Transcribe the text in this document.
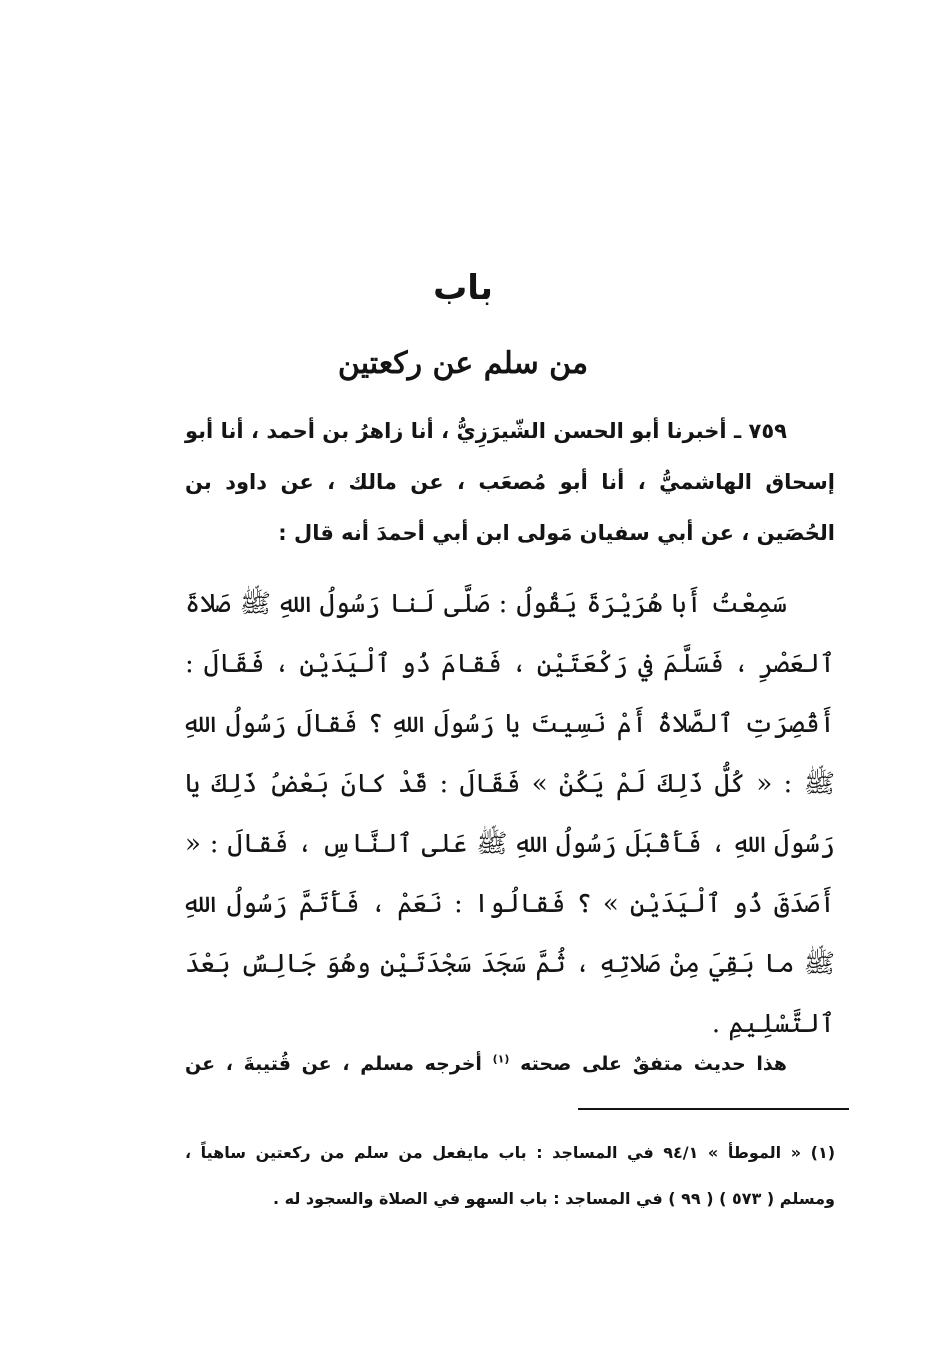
باب
من سلم عن ركعتين

٧٥٩ ـ أخبرنا أبو الحسن الشّيرَزِيُّ ، أنا زاهرُ بن أحمد ، أنا أبو إسحاق الهاشميُّ ، أنا أبو مُصعَب ، عن مالك ، عن داود بن الحُصَين ، عن أبي سفيان مَولى ابن أبي أحمدَ أنه قال :

سَمِعْتُ أَبا هُرَيْرَةَ يَقُولُ : صَلَّى لَنا رَسُولُ اللهِ ﷺ صَلاةَ ٱلعَصْرِ ، فَسَلَّمَ في رَكْعَتَيْنِ ، فَقامَ ذُو ٱلْيَدَيْنِ ، فَقَالَ : أَقُصِرَتِ ٱلصَّلاةُ أَمْ نَسِيتَ يا رَسُولَ اللهِ ؟ فَقالَ رَسُولُ اللهِ ﷺ : « كُلُّ ذَلِكَ لَمْ يَكُنْ » فَقَالَ : قَدْ كانَ بَعْضُ ذَلِكَ يا رَسُولَ اللهِ ، فَأَقْبَلَ رَسُولُ اللهِ ﷺ عَلى ٱلنَّاسِ ، فَقالَ : « أَصَدَقَ ذُو ٱلْيَدَيْنِ » ؟ فَقالُوا : نَعَمْ ، فَأَتَمَّ رَسُولُ اللهِ ﷺ ما بَقِيَ مِنْ صَلاتِهِ ، ثُمَّ سَجَدَ سَجْدَتَيْنِ وهُوَ جَالِسٌ بَعْدَ ٱلتَّسْلِيمِ .

هذا حديث متفقٌ على صحته $^{(١)}$ أخرجه مسلم ، عن قُتيبةَ ، عن

(١) « الموطأ » ٩٤/١ في المساجد : باب مايفعل من سلم من ركعتين ساهياً ، ومسلم ( ٥٧٣ ) ( ٩٩ ) في المساجد : باب السهو في الصلاة والسجود له .
